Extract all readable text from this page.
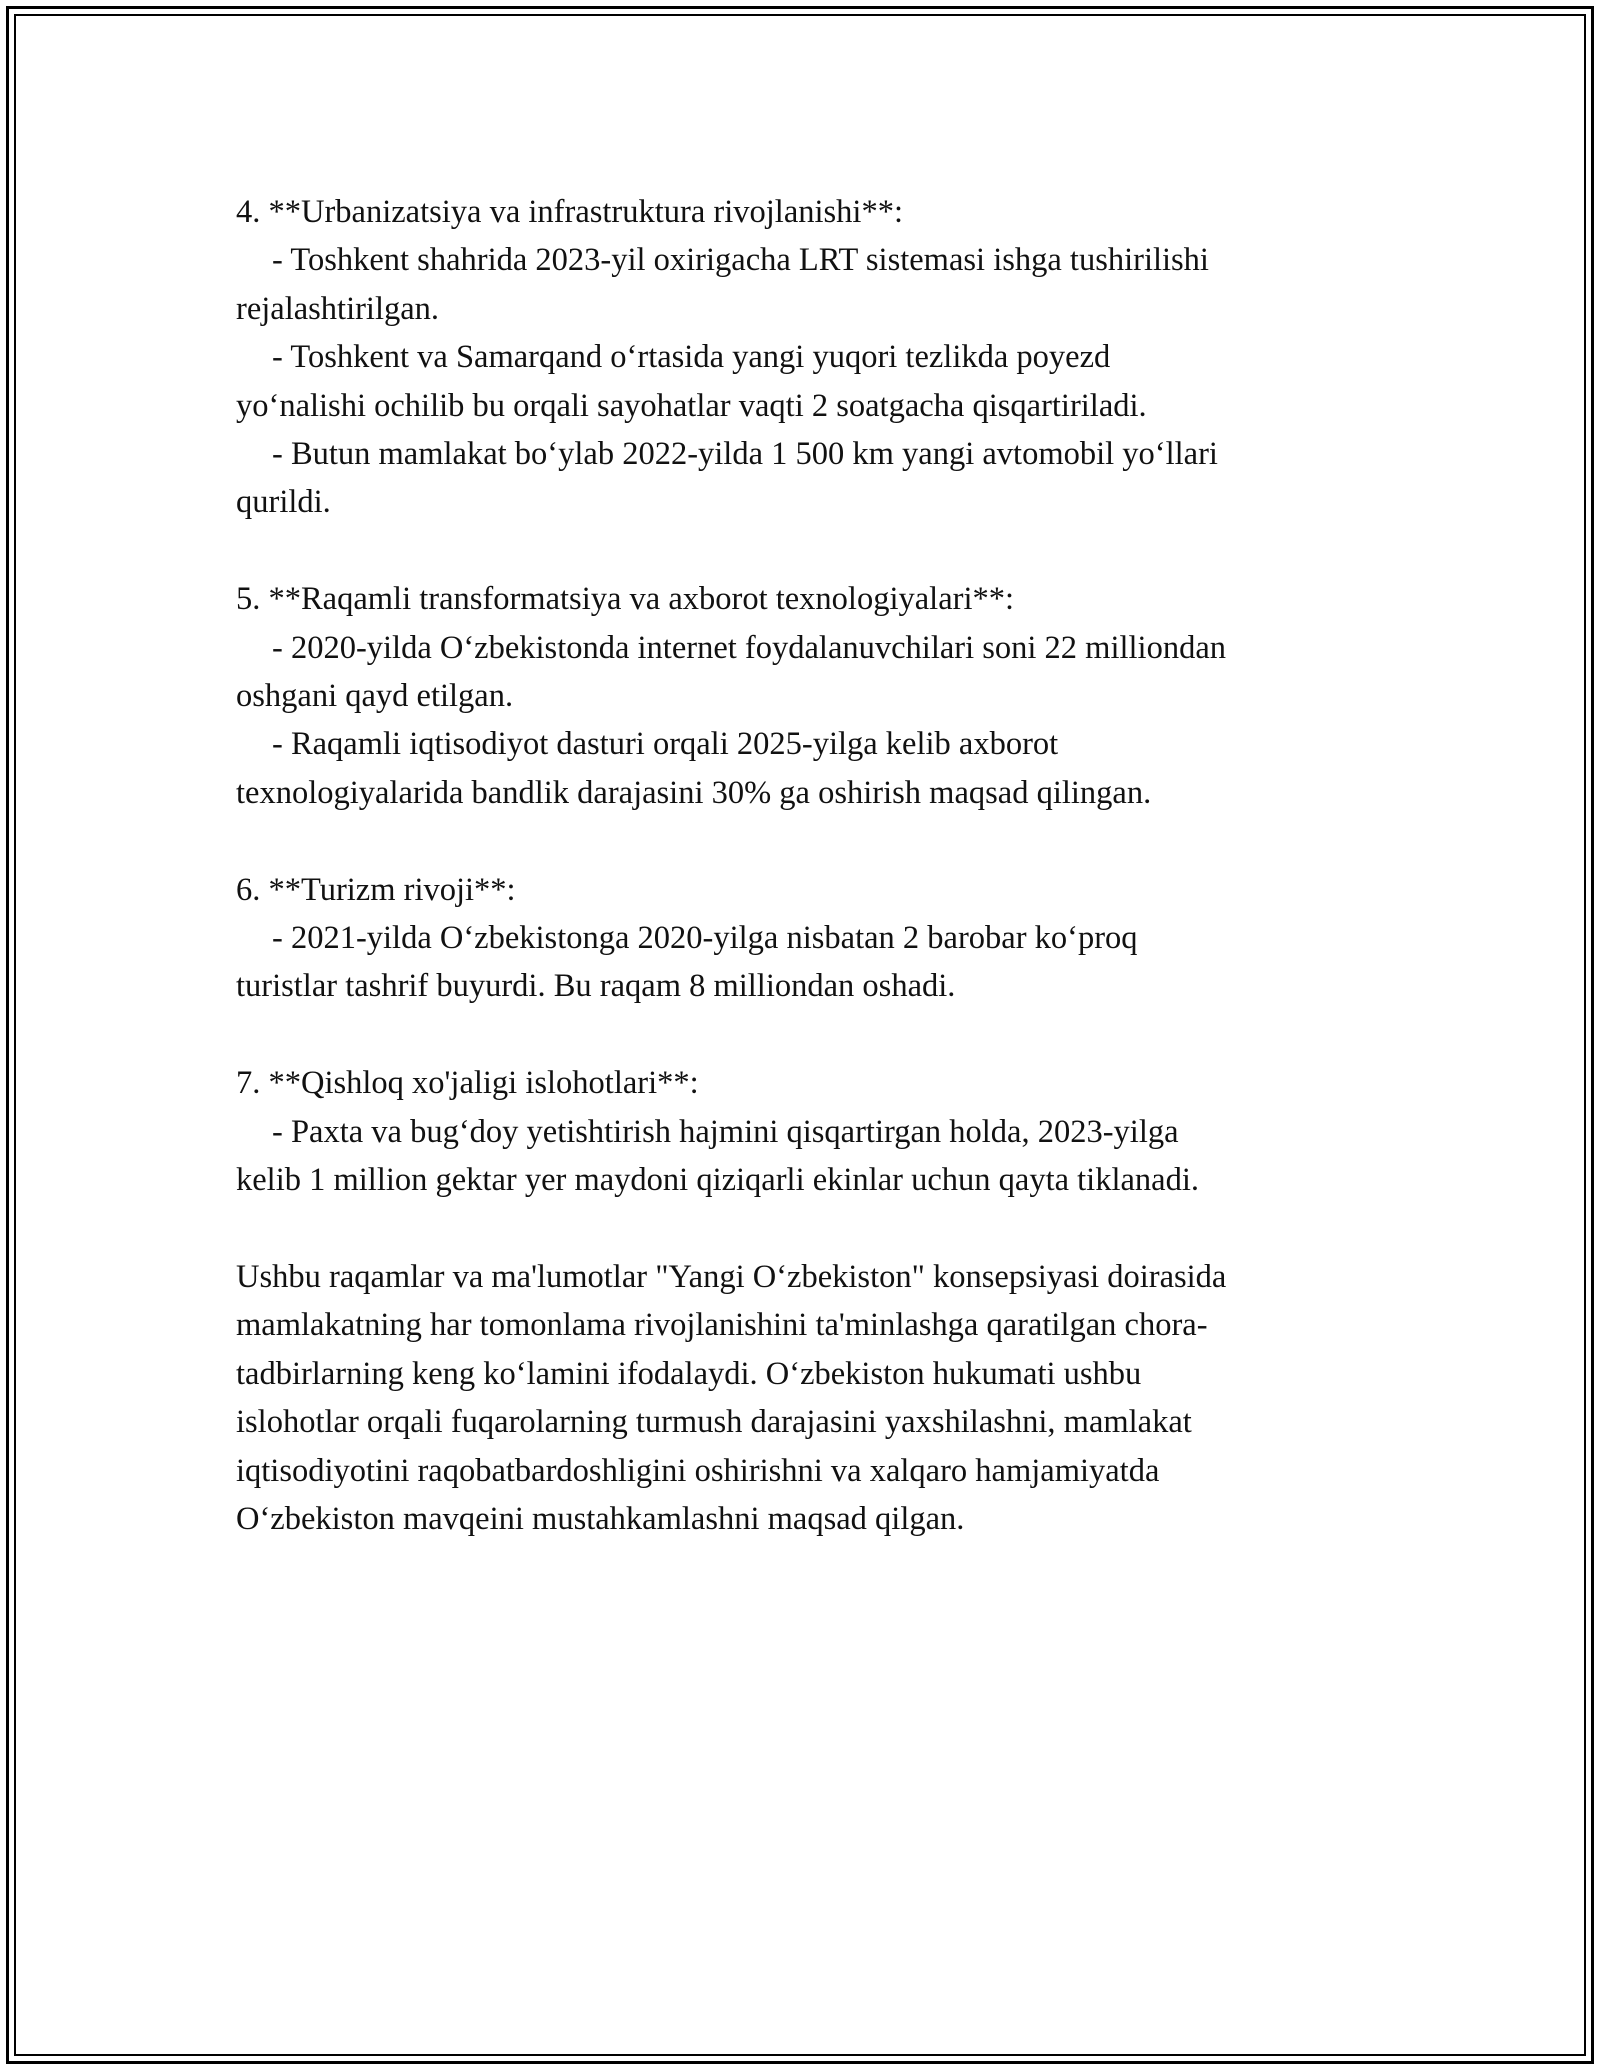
4. **Urbanizatsiya va infrastruktura rivojlanishi**:

- Toshkent shahrida 2023-yil oxirigacha LRT sistemasi ishga tushirilishi

rejalashtirilgan.

- Toshkent va Samarqand o‘rtasida yangi yuqori tezlikda poyezd

yo‘nalishi ochilib bu orqali sayohatlar vaqti 2 soatgacha qisqartiriladi.

- Butun mamlakat bo‘ylab 2022-yilda 1 500 km yangi avtomobil yo‘llari

qurildi.

5. **Raqamli transformatsiya va axborot texnologiyalari**:

- 2020-yilda O‘zbekistonda internet foydalanuvchilari soni 22 milliondan

oshgani qayd etilgan.

- Raqamli iqtisodiyot dasturi orqali 2025-yilga kelib axborot

texnologiyalarida bandlik darajasini 30% ga oshirish maqsad qilingan.

6. **Turizm rivoji**:

- 2021-yilda O‘zbekistonga 2020-yilga nisbatan 2 barobar ko‘proq

turistlar tashrif buyurdi. Bu raqam 8 milliondan oshadi.

7. **Qishloq xo'jaligi islohotlari**:

- Paxta va bug‘doy yetishtirish hajmini qisqartirgan holda, 2023-yilga

kelib 1 million gektar yer maydoni qiziqarli ekinlar uchun qayta tiklanadi.

Ushbu raqamlar va ma'lumotlar "Yangi O‘zbekiston" konsepsiyasi doirasida

mamlakatning har tomonlama rivojlanishini ta'minlashga qaratilgan chora-

tadbirlarning keng ko‘lamini ifodalaydi. O‘zbekiston hukumati ushbu

islohotlar orqali fuqarolarning turmush darajasini yaxshilashni, mamlakat

iqtisodiyotini raqobatbardoshligini oshirishni va xalqaro hamjamiyatda

O‘zbekiston mavqeini mustahkamlashni maqsad qilgan.
